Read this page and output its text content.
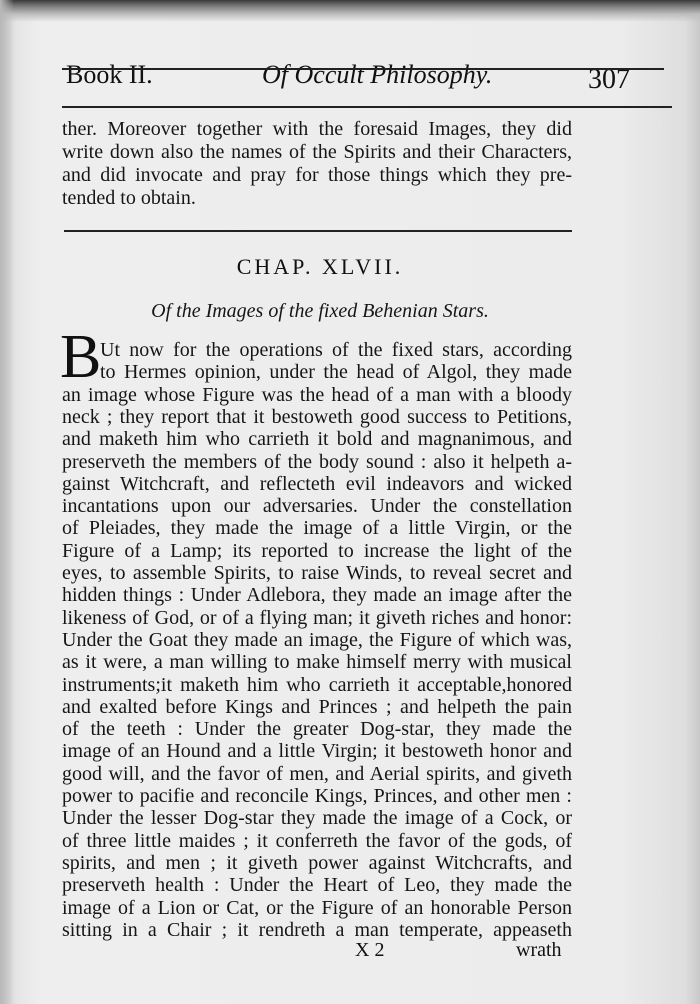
Book II.	Of Occult Philosophy.	307
ther. Moreover together with the foresaid Images, they did
write down also the names of the Spirits and their Characters,
and did invocate and pray for those things which they pre-
tended to obtain.
CHAP. XLVII.
Of the Images of the fixed Behenian Stars.
B
Ut now for the operations of the fixed stars, according
to Hermes opinion, under the head of Algol, they made
an image whose Figure was the head of a man with a bloody
neck ; they report that it bestoweth good success to Petitions,
and maketh him who carrieth it bold and magnanimous, and
preserveth the members of the body sound : also it helpeth a-
gainst Witchcraft, and reflecteth evil indeavors and wicked
incantations upon our adversaries. Under the constellation
of Pleiades, they made the image of a little Virgin, or the
Figure of a Lamp; its reported to increase the light of the
eyes, to assemble Spirits, to raise Winds, to reveal secret and
hidden things : Under Adlebora, they made an image after the
likeness of God, or of a flying man; it giveth riches and honor:
Under the Goat they made an image, the Figure of which was,
as it were, a man willing to make himself merry with musical
instruments;it maketh him who carrieth it acceptable,honored
and exalted before Kings and Princes ; and helpeth the pain
of the teeth : Under the greater Dog-star, they made the
image of an Hound and a little Virgin; it bestoweth honor and
good will, and the favor of men, and Aerial spirits, and giveth
power to pacifie and reconcile Kings, Princes, and other men :
Under the lesser Dog-star they made the image of a Cock, or
of three little maides ; it conferreth the favor of the gods, of
spirits, and men ; it giveth power against Witchcrafts, and
preserveth health : Under the Heart of Leo, they made the
image of a Lion or Cat, or the Figure of an honorable Person
sitting in a Chair ; it rendreth a man temperate, appeaseth
X 2	wrath
